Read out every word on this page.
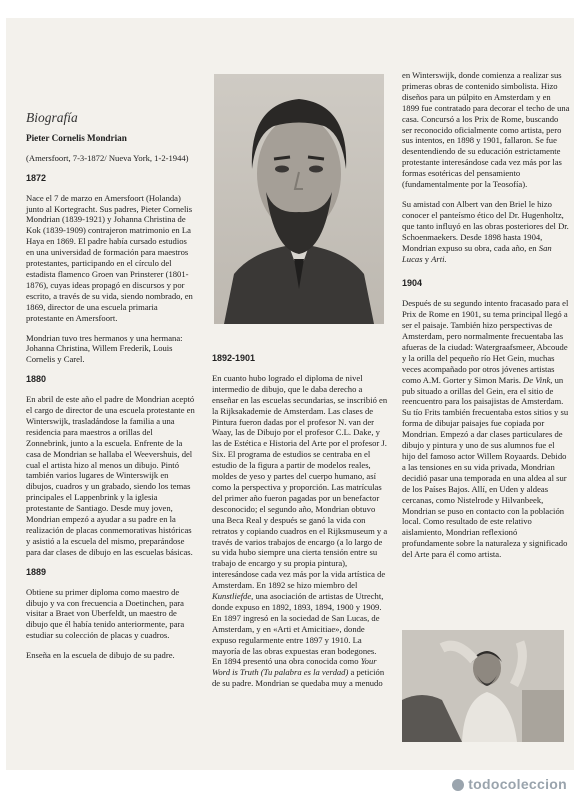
Biografía

Pieter Cornelis Mondrian

(Amersfoort, 7-3-1872/ Nueva York, 1-2-1944)

1872

Nace el 7 de marzo en Amersfoort (Holanda) junto al Kortegracht. Sus padres, Pieter Cornelis Mondrian (1839-1921) y Johanna Christina de Kok (1839-1909) contrajeron matrimonio en La Haya en 1869. El padre había cursado estudios en una universidad de formación para maestros protestantes, participando en el círculo del estadista flamenco Groen van Prinsterer (1801-1876), cuyas ideas propagó en discursos y por escrito, a través de su vida, siendo nombrado, en 1869, director de una escuela primaria protestante en Amersfoort.

Mondrian tuvo tres hermanos y una hermana: Johanna Christina, Willem Frederik, Louis Cornelis y Carel.

1880

En abril de este año el padre de Mondrian aceptó el cargo de director de una escuela protestante en Winterswijk, trasladándose la familia a una residencia para maestros a orillas del Zonnebrink, junto a la escuela. Enfrente de la casa de Mondrian se hallaba el Weevershuis, del cual el artista hizo al menos un dibujo. Pintó también varios lugares de Winterswijk en dibujos, cuadros y un grabado, siendo los temas principales el Lappenbrink y la iglesia protestante de Santiago. Desde muy joven, Mondrian empezó a ayudar a su padre en la realización de placas conmemorativas históricas y asistió a la escuela del mismo, preparándose para dar clases de dibujo en las escuelas básicas.

1889

Obtiene su primer diploma como maestro de dibujo y va con frecuencia a Doetinchen, para visitar a Braet von Uberfeldt, un maestro de dibujo que él había tenido anteriormente, para estudiar su colección de placas y cuadros.

Enseña en la escuela de dibujo de su padre.

1892-1901

En cuanto hubo logrado el diploma de nivel intermedio de dibujo, que le daba derecho a enseñar en las escuelas secundarias, se inscribió en la Rijksakademie de Amsterdam. Las clases de Pintura fueron dadas por el profesor N. van der Waay, las de Dibujo por el profesor C.L. Dake, y las de Estética e Historia del Arte por el profesor J. Six. El programa de estudios se centraba en el estudio de la figura a partir de modelos reales, moldes de yeso y partes del cuerpo humano, así como la perspectiva y proporción. Las matrículas del primer año fueron pagadas por un benefactor desconocido; el segundo año, Mondrian obtuvo una Beca Real y después se ganó la vida con retratos y copiando cuadros en el Rijksmuseum y a través de varios trabajos de encargo (a lo largo de su vida hubo siempre una cierta tensión entre su trabajo de encargo y su propia pintura), interesándose cada vez más por la vida artística de Amsterdam. En 1892 se hizo miembro del Kunstliefde, una asociación de artistas de Utrecht, donde expuso en 1892, 1893, 1894, 1900 y 1909. En 1897 ingresó en la sociedad de San Lucas, de Amsterdam, y en «Arti et Amicitiae», donde expuso regularmente entre 1897 y 1910. La mayoría de las obras expuestas eran bodegones. En 1894 presentó una obra conocida como Your Word is Truth (Tu palabra es la verdad) a petición de su padre. Mondrian se quedaba muy a menudo

en Winterswijk, donde comienza a realizar sus primeras obras de contenido simbolista. Hizo diseños para un púlpito en Amsterdam y en 1899 fue contratado para decorar el techo de una casa. Concursó a los Prix de Rome, buscando ser reconocido oficialmente como artista, pero sus intentos, en 1898 y 1901, fallaron. Se fue desentendiendo de su educación estrictamente protestante interesándose cada vez más por las formas esotéricas del pensamiento (fundamentalmente por la Teosofía).

Su amistad con Albert van den Briel le hizo conocer el panteísmo ético del Dr. Hugenholtz, que tanto influyó en las obras posteriores del Dr. Schoenmaekers. Desde 1898 hasta 1904, Mondrian expuso su obra, cada año, en San Lucas y Arti.

1904

Después de su segundo intento fracasado para el Prix de Rome en 1901, su tema principal llegó a ser el paisaje. También hizo perspectivas de Amsterdam, pero normalmente frecuentaba las afueras de la ciudad: Watergraafsmeer, Abcoude y la orilla del pequeño río Het Gein, muchas veces acompañado por otros jóvenes artistas como A.M. Gorter y Simon Maris. De Vink, un pub situado a orillas del Gein, era el sitio de reencuentro para los paisajistas de Amsterdam. Su tío Frits también frecuentaba estos sitios y su forma de dibujar paisajes fue copiada por Mondrian. Empezó a dar clases particulares de dibujo y pintura y uno de sus alumnos fue el hijo del famoso actor Willem Royaards. Debido a las tensiones en su vida privada, Mondrian decidió pasar una temporada en una aldea al sur de los Países Bajos. Allí, en Uden y aldeas cercanas, como Nistelrode y Hilvanbeek, Mondrian se puso en contacto con la población local. Como resultado de este relativo aislamiento, Mondrian reflexionó profundamente sobre la naturaleza y significado del Arte para él como artista.

todocoleccion
